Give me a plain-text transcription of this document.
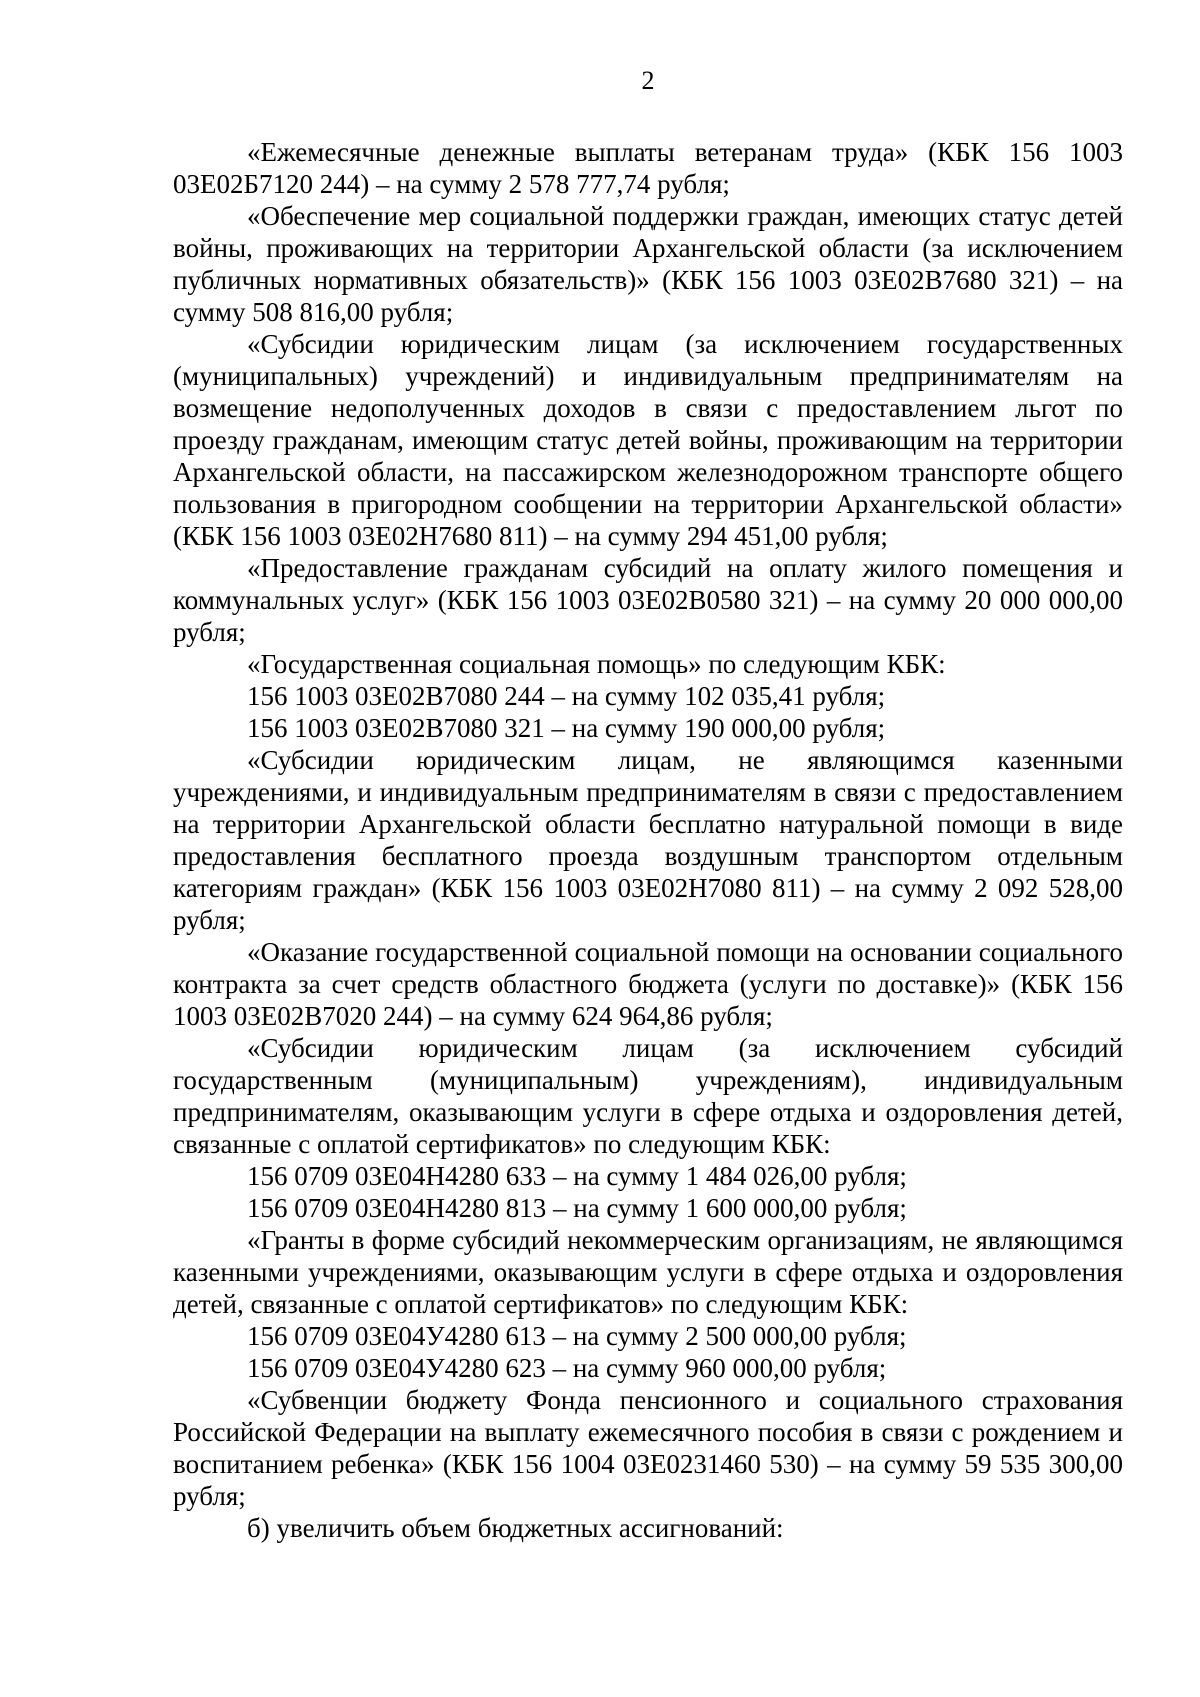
2

«Ежемесячные денежные выплаты ветеранам труда» (КБК 156 1003 03Е02Б7120 244) – на сумму 2 578 777,74 рубля;

«Обеспечение мер социальной поддержки граждан, имеющих статус детей войны, проживающих на территории Архангельской области (за исключением публичных нормативных обязательств)» (КБК 156 1003 03Е02В7680 321) – на сумму 508 816,00 рубля;

«Субсидии юридическим лицам (за исключением государственных (муниципальных) учреждений) и индивидуальным предпринимателям на возмещение недополученных доходов в связи с предоставлением льгот по проезду гражданам, имеющим статус детей войны, проживающим на территории Архангельской области, на пассажирском железнодорожном транспорте общего пользования в пригородном сообщении на территории Архангельской области» (КБК 156 1003 03Е02Н7680 811) – на сумму 294 451,00 рубля;

«Предоставление гражданам субсидий на оплату жилого помещения и коммунальных услуг» (КБК 156 1003 03Е02В0580 321) – на сумму 20 000 000,00 рубля;

«Государственная социальная помощь» по следующим КБК:

156 1003 03Е02В7080 244 – на сумму 102 035,41 рубля;

156 1003 03Е02В7080 321 – на сумму 190 000,00 рубля;

«Субсидии юридическим лицам, не являющимся казенными учреждениями, и индивидуальным предпринимателям в связи с предоставлением на территории Архангельской области бесплатно натуральной помощи в виде предоставления бесплатного проезда воздушным транспортом отдельным категориям граждан» (КБК 156 1003 03Е02Н7080 811) – на сумму 2 092 528,00 рубля;

«Оказание государственной социальной помощи на основании социального контракта за счет средств областного бюджета (услуги по доставке)» (КБК 156 1003 03Е02В7020 244) – на сумму 624 964,86 рубля;

«Субсидии юридическим лицам (за исключением субсидий государственным (муниципальным) учреждениям), индивидуальным предпринимателям, оказывающим услуги в сфере отдыха и оздоровления детей, связанные с оплатой сертификатов» по следующим КБК:

156 0709 03Е04Н4280 633 – на сумму 1 484 026,00 рубля;

156 0709 03Е04Н4280 813 – на сумму 1 600 000,00 рубля;

«Гранты в форме субсидий некоммерческим организациям, не являющимся казенными учреждениями, оказывающим услуги в сфере отдыха и оздоровления детей, связанные с оплатой сертификатов» по следующим КБК:

156 0709 03Е04У4280 613 – на сумму 2 500 000,00 рубля;

156 0709 03Е04У4280 623 – на сумму 960 000,00 рубля;

«Субвенции бюджету Фонда пенсионного и социального страхования Российской Федерации на выплату ежемесячного пособия в связи с рождением и воспитанием ребенка» (КБК 156 1004 03Е0231460 530) – на сумму 59 535 300,00 рубля;

б) увеличить объем бюджетных ассигнований:
